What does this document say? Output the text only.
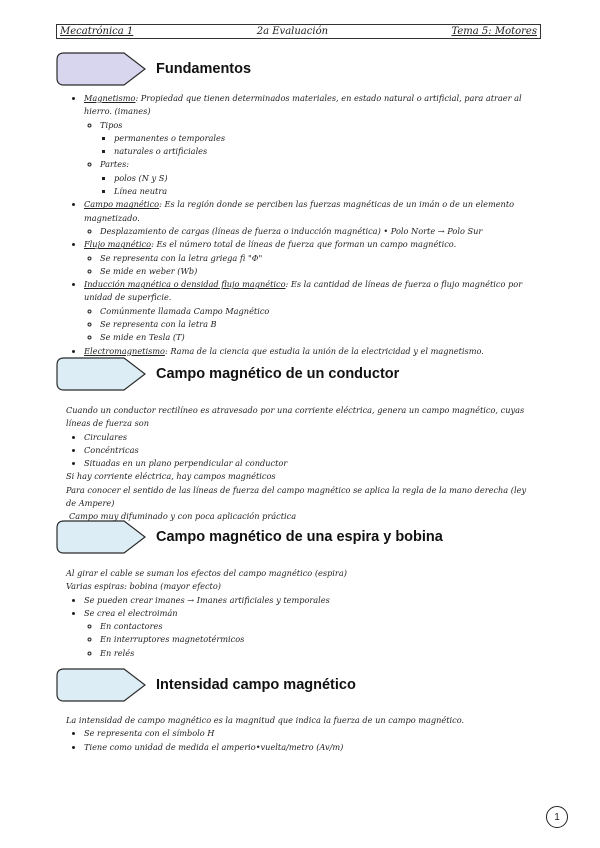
Mecatrónica 1	2a Evaluación	Tema 5: Motores
Fundamentos
• Magnetismo: Propiedad que tienen determinados materiales, en estado natural o artificial, para atraer al hierro. (imanes)
◦ Tipos
▪ permanentes o temporales
▪ naturales o artificiales
◦ Partes:
▪ polos (N y S)
▪ Línea neutra
• Campo magnético: Es la región donde se perciben las fuerzas magnéticas de un imán o de un elemento magnetizado.
◦ Desplazamiento de cargas (líneas de fuerza o inducción magnética) • Polo Norte → Polo Sur
• Flujo magnético: Es el número total de líneas de fuerza que forman un campo magnético.
◦ Se representa con la letra griega fi "Φ"
◦ Se mide en weber (Wb)
• Inducción magnética o densidad flujo magnético: Es la cantidad de líneas de fuerza o flujo magnético por unidad de superficie.
◦ Comúnmente llamada Campo Magnético
◦ Se representa con la letra B
◦ Se mide en Tesla (T)
• Electromagnetismo: Rama de la ciencia que estudia la unión de la electricidad y el magnetismo.
Campo magnético de un conductor

Cuando un conductor rectilíneo es atravesado por una corriente eléctrica, genera un campo magnético, cuyas líneas de fuerza son

• Circulares
• Concéntricas
• Situadas en un plano perpendicular al conductor

Si hay corriente eléctrica, hay campos magnéticos

Para conocer el sentido de las líneas de fuerza del campo magnético se aplica la regla de la mano derecha (ley de Ampere)

Campo muy difuminado y con poca aplicación práctica

Campo magnético de una espira y bobina

Al girar el cable se suman los efectos del campo magnético (espira)

Varias espiras: bobina (mayor efecto)

• Se pueden crear imanes → Imanes artificiales y temporales
• Se crea el electroimán
◦ En contactores
◦ En interruptores magnetotérmicos
◦ En relés
Intensidad campo magnético

La intensidad de campo magnético es la magnitud que indica la fuerza de un campo magnético.

• Se representa con el símbolo H
• Tiene como unidad de medida el amperio•vuelta/metro (Av/m)
1
